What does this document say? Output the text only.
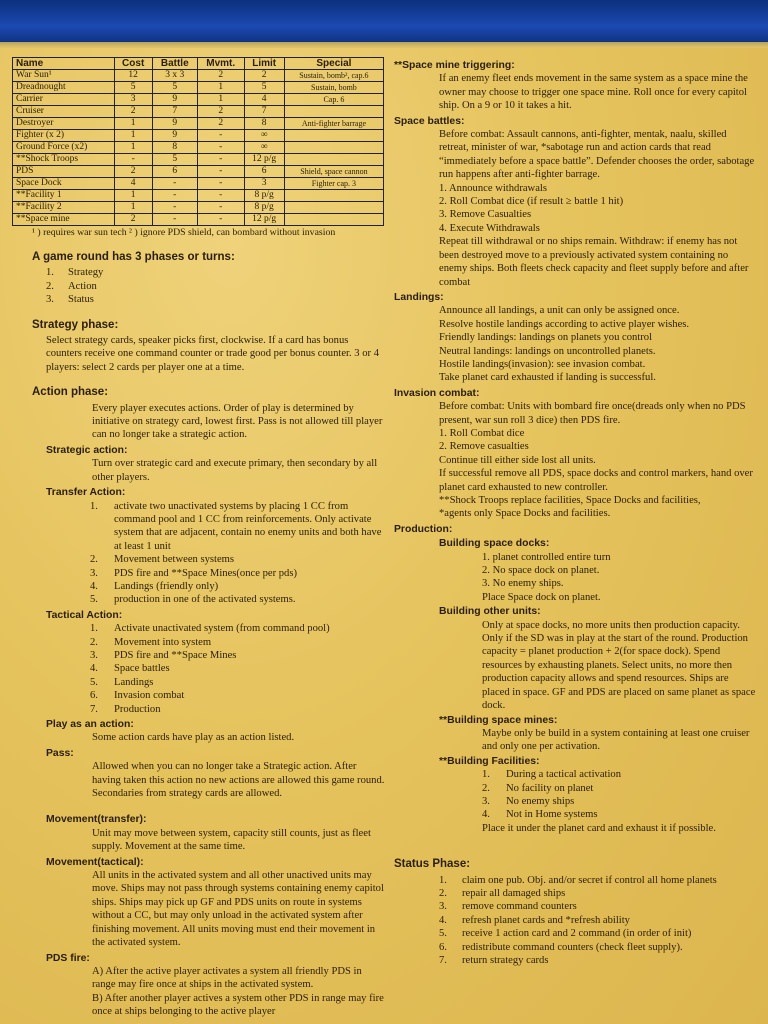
Name	Cost	Battle	Mvmt.	Limit	Special
War Sun¹	12	3 x 3	2	2	Sustain, bomb², cap.6
Dreadnought	5	5	1	5	Sustain, bomb
Carrier	3	9	1	4	Cap. 6
Cruiser	2	7	2	7	
Destroyer	1	9	2	8	Anti-fighter barrage
Fighter (x 2)	1	9	-	∞	
Ground Force (x2)	1	8	-	∞	
**Shock Troops	-	5	-	12 p/g	
PDS	2	6	-	6	Shield, space cannon
Space Dock	4	-	-	3	Fighter cap. 3
**Facility 1	1	-	-	8 p/g	
**Facility 2	1	-	-	8 p/g	
**Space mine	2	-	-	12 p/g	
¹ ) requires war sun tech ² ) ignore PDS shield, can bombard without invasion
A game round has 3 phases or turns:
1. Strategy
2. Action
3. Status
Strategy phase:
Select strategy cards, speaker picks first, clockwise. If a card has bonus counters receive one command counter or trade good per bonus counter. 3 or 4 players: select 2 cards per player one at a time.
Action phase:
Every player executes actions. Order of play is determined by initiative on strategy card, lowest first. Pass is not allowed till player can no longer take a strategic action.
Strategic action:
Turn over strategic card and execute primary, then secondary by all other players.
Transfer Action:
1. activate two unactivated systems by placing 1 CC from command pool and 1 CC from reinforcements. Only activate system that are adjacent, contain no enemy units and both have at least 1 unit
2. Movement between systems
3. PDS fire and **Space Mines(once per pds)
4. Landings (friendly only)
5. production in one of the activated systems.
Tactical Action:
1. Activate unactivated system (from command pool)
2. Movement into system
3. PDS fire and **Space Mines
4. Space battles
5. Landings
6. Invasion combat
7. Production
Play as an action:
Some action cards have play as an action listed.
Pass:
Allowed when you can no longer take a Strategic action. After having taken this action no new actions are allowed this game round. Secondaries from strategy cards are allowed.
Movement(transfer):
Unit may move between system, capacity still counts, just as fleet supply. Movement at the same time.
Movement(tactical):
All units in the activated system and all other unactived units may move. Ships may not pass through systems containing enemy capitol ships. Ships may pick up GF and PDS units on route in systems without a CC, but may only unload in the activated system after finishing movement. All units moving must end their movement in the activated system.
PDS fire:
A) After the active player activates a system all friendly PDS in range may fire once at ships in the activated system.
B) After another player actives a system other PDS in range may fire once at ships belonging to the active player
**Space mine triggering:
If an enemy fleet ends movement in the same system as a space mine the owner may choose to trigger one space mine. Roll once for every capitol ship. On a 9 or 10 it takes a hit.
Space battles:
Before combat: Assault cannons, anti-fighter, mentak, naalu, skilled retreat, minister of war, *sabotage run and action cards that read “immediately before a space battle”. Defender chooses the order, sabotage run happens after anti-fighter barrage.
1. Announce withdrawals
2. Roll Combat dice (if result ≥ battle 1 hit)
3. Remove Casualties
4. Execute Withdrawals
Repeat till withdrawal or no ships remain. Withdraw: if enemy has not been destroyed move to a previously activated system containing no enemy ships. Both fleets check capacity and fleet supply before and after combat
Landings:
Announce all landings, a unit can only be assigned once.
Resolve hostile landings according to active player wishes.
Friendly landings: landings on planets you control
Neutral landings: landings on uncontrolled planets.
Hostile landings(invasion): see invasion combat.
Take planet card exhausted if landing is successful.
Invasion combat:
Before combat: Units with bombard fire once(dreads only when no PDS present, war sun roll 3 dice) then PDS fire.
1. Roll Combat dice
2. Remove casualties
Continue till either side lost all units.
If successful remove all PDS, space docks and control markers, hand over planet card exhausted to new controller.
**Shock Troops replace facilities, Space Docks and facilities,
*agents only Space Docks and facilities.
Production:
Building space docks:
1. planet controlled entire turn
2. No space dock on planet.
3. No enemy ships.
Place Space dock on planet.
Building other units:
Only at space docks, no more units then production capacity. Only if the SD was in play at the start of the round. Production capacity = planet production + 2(for space dock). Spend resources by exhausting planets. Select units, no more then production capacity allows and spend resources. Ships are placed in space. GF and PDS are placed on same planet as space dock.
**Building space mines:
Maybe only be build in a system containing at least one cruiser and only one per activation.
**Building Facilities:
1. During a tactical activation
2. No facility on planet
3. No enemy ships
4. Not in Home systems
Place it under the planet card and exhaust it if possible.
Status Phase:
1. claim one pub. Obj. and/or secret if control all home planets
2. repair all damaged ships
3. remove command counters
4. refresh planet cards and *refresh ability
5. receive 1 action card and 2 command (in order of init)
6. redistribute command counters (check fleet supply).
7. return strategy cards
